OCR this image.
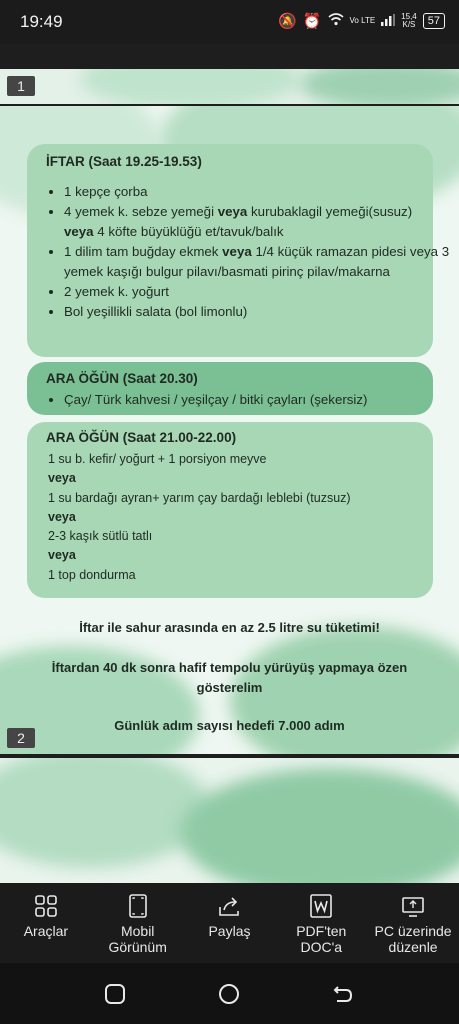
19:49	🔕 ⏰	Vo LTE	15,4
K/S	57
1
İFTAR (Saat 19.25-19.53)
• 1 kepçe çorba
• 4 yemek k. sebze yemeği veya kurubaklagil yemeği(susuz)
veya 4 köfte büyüklüğü et/tavuk/balık
• 1 dilim tam buğday ekmek veya 1/4 küçük ramazan pidesi veya 3 yemek kaşığı bulgur pilavı/basmati pirinç pilav/makarna
• 2 yemek k. yoğurt
• Bol yeşillikli salata (bol limonlu)
ARA ÖĞÜN (Saat 20.30)
• Çay/ Türk kahvesi / yeşilçay / bitki çayları (şekersiz)
ARA ÖĞÜN (Saat 21.00-22.00)
1 su b. kefir/ yoğurt + 1 porsiyon meyve
veya
1 su bardağı ayran+ yarım çay bardağı leblebi (tuzsuz)
veya
2-3 kaşık sütlü tatlı
veya
1 top dondurma
İftar ile sahur arasında en az 2.5 litre su tüketimi!
İftardan 40 dk sonra hafif tempolu yürüyüş yapmaya özen
gösterelim
Günlük adım sayısı hedefi 7.000 adım
2
Araçlar	Mobil Görünüm
Paylaş	PDF'ten DOC'a
PC üzerinde düzenle
